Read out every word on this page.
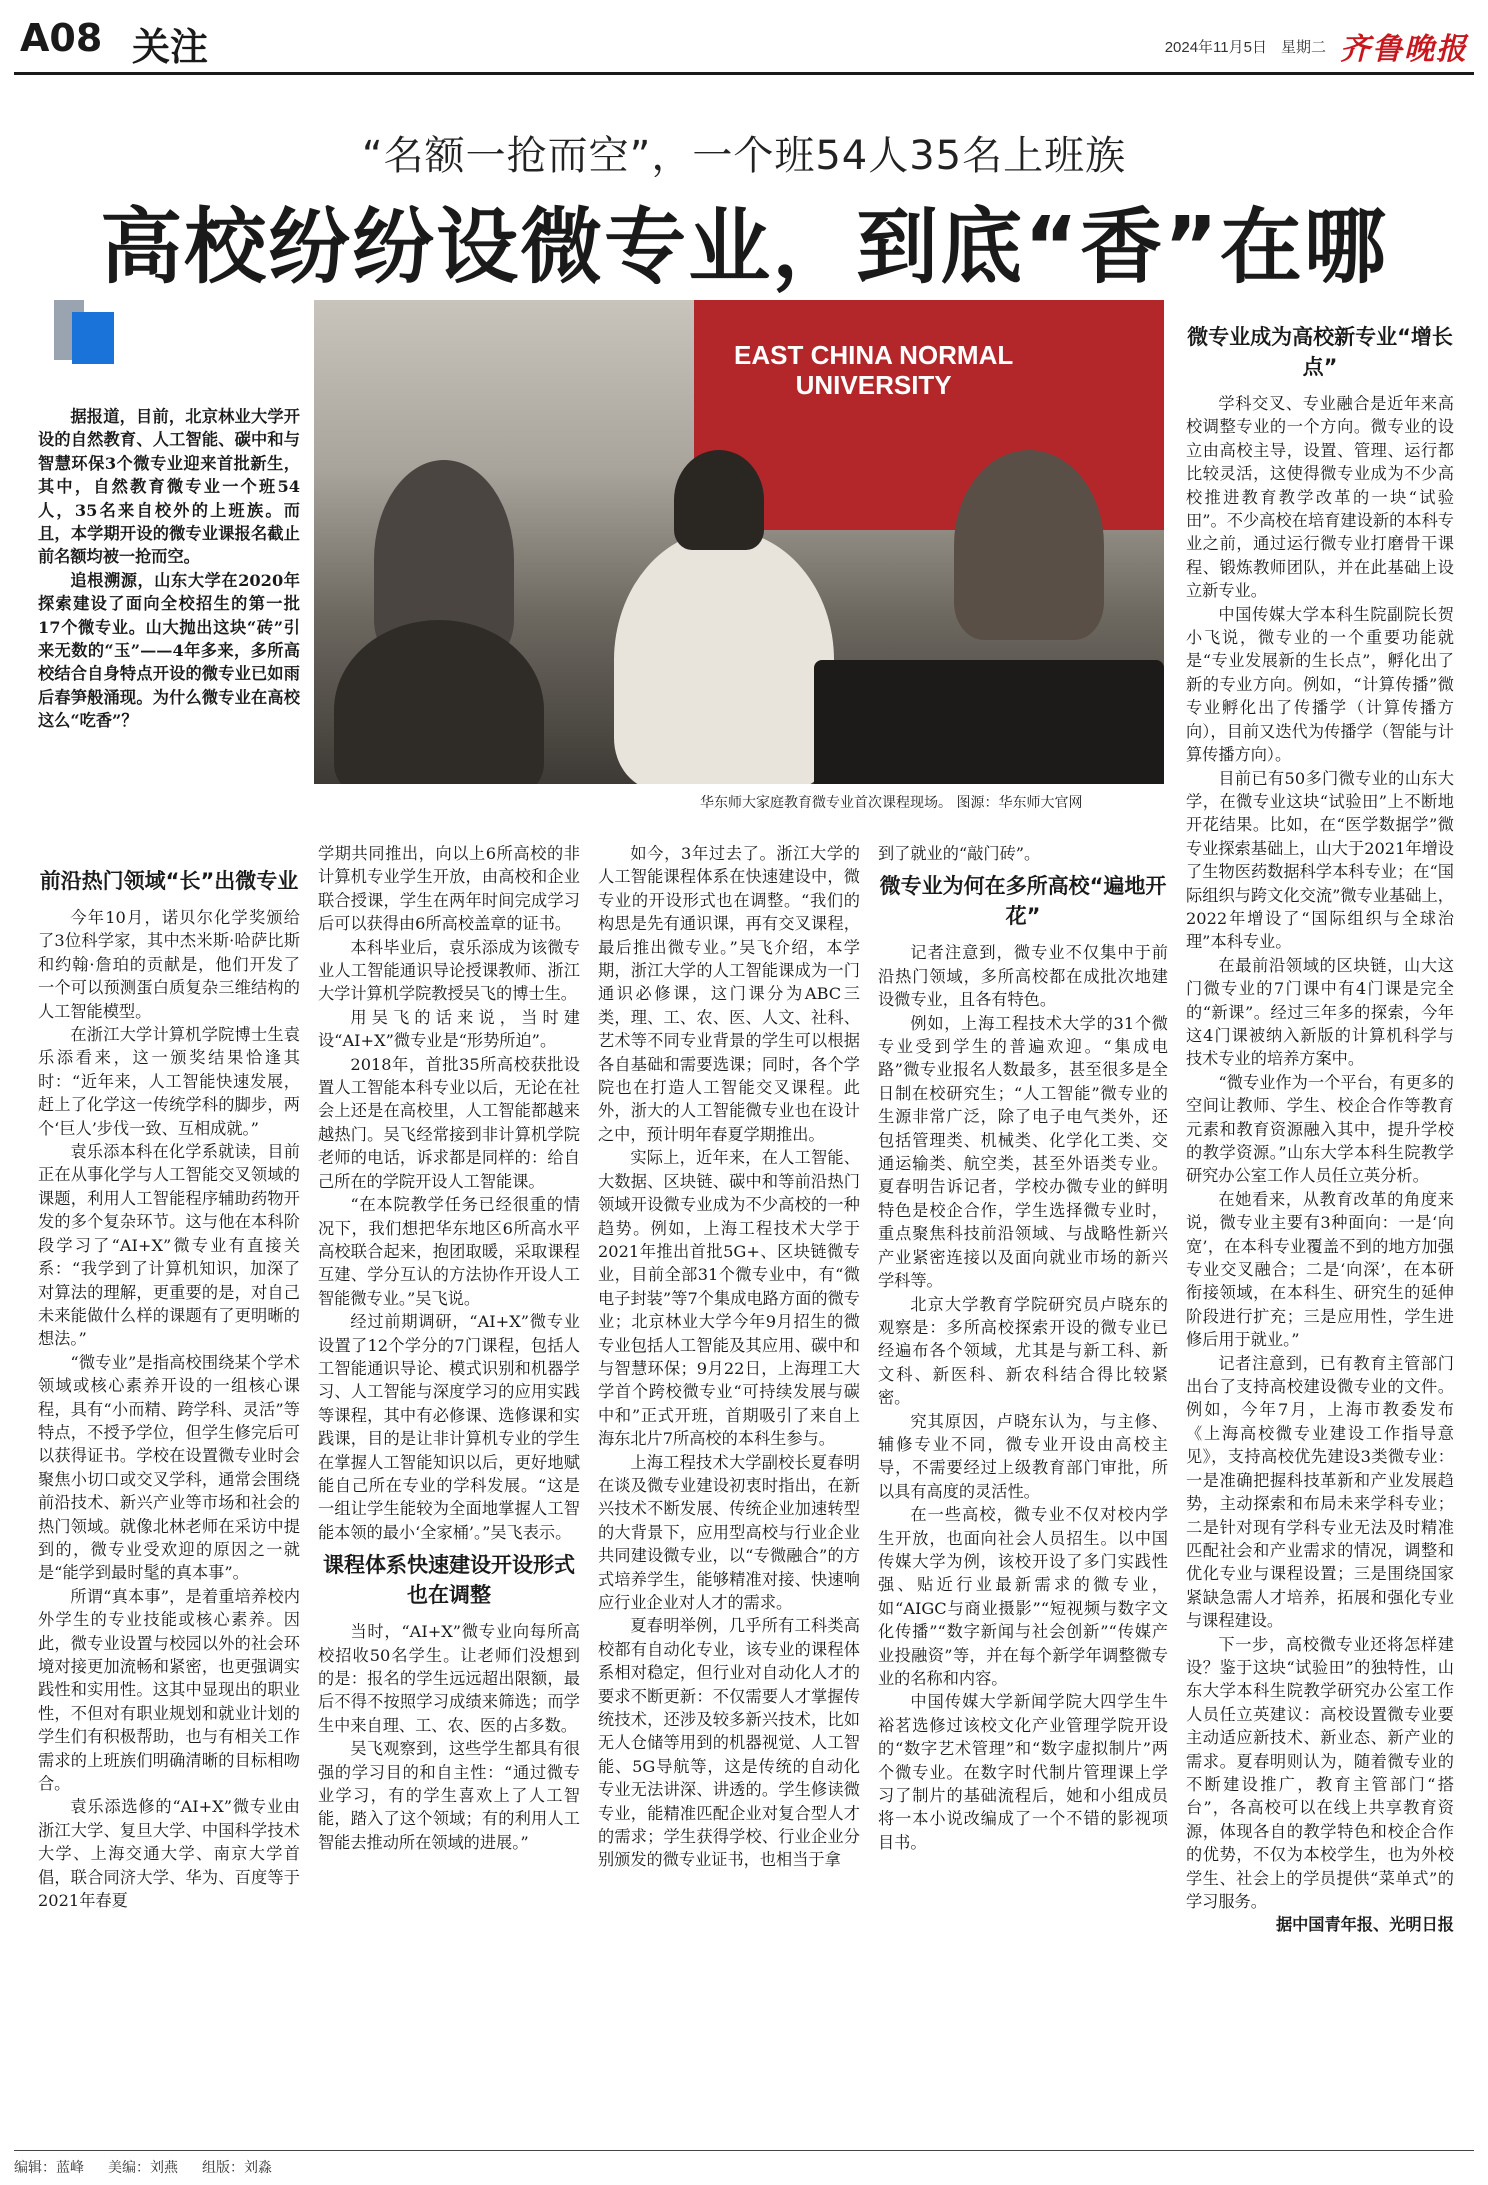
A08 关注	2024年11月5日 星期二 齐鲁晚报
“名额一抢而空”，一个班54人35名上班族
高校纷纷设微专业，到底“香”在哪

据报道，目前，北京林业大学开设的自然教育、人工智能、碳中和与智慧环保3个微专业迎来首批新生，其中，自然教育微专业一个班54人，35名来自校外的上班族。而且，本学期开设的微专业课报名截止前名额均被一抢而空。

追根溯源，山东大学在2020年探索建设了面向全校招生的第一批17个微专业。山大抛出这块“砖”引来无数的“玉”——4年多来，多所高校结合自身特点开设的微专业已如雨后春笋般涌现。为什么微专业在高校这么“吃香”？

EAST CHINA NORMAL
UNIVERSITY
华东师大家庭教育微专业首次课程现场。 图源：华东师大官网
微专业成为高校新专业“增长点”

学科交叉、专业融合是近年来高校调整专业的一个方向。微专业的设立由高校主导，设置、管理、运行都比较灵活，这使得微专业成为不少高校推进教育教学改革的一块“试验田”。不少高校在培育建设新的本科专业之前，通过运行微专业打磨骨干课程、锻炼教师团队，并在此基础上设立新专业。

中国传媒大学本科生院副院长贺小飞说，微专业的一个重要功能就是“专业发展新的生长点”，孵化出了新的专业方向。例如，“计算传播”微专业孵化出了传播学（计算传播方向），目前又迭代为传播学（智能与计算传播方向）。

目前已有50多门微专业的山东大学，在微专业这块“试验田”上不断地开花结果。比如，在“医学数据学”微专业探索基础上，山大于2021年增设了生物医药数据科学本科专业；在“国际组织与跨文化交流”微专业基础上，2022年增设了“国际组织与全球治理”本科专业。

在最前沿领域的区块链，山大这门微专业的7门课中有4门课是完全的“新课”。经过三年多的探索，今年这4门课被纳入新版的计算机科学与技术专业的培养方案中。

“微专业作为一个平台，有更多的空间让教师、学生、校企合作等教育元素和教育资源融入其中，提升学校的教学资源。”山东大学本科生院教学研究办公室工作人员任立英分析。

在她看来，从教育改革的角度来说，微专业主要有3种面向：一是‘向宽’，在本科专业覆盖不到的地方加强专业交叉融合；二是‘向深’，在本研衔接领域，在本科生、研究生的延伸阶段进行扩充；三是应用性，学生进修后用于就业。”

记者注意到，已有教育主管部门出台了支持高校建设微专业的文件。例如，今年7月，上海市教委发布《上海高校微专业建设工作指导意见》，支持高校优先建设3类微专业：一是准确把握科技革新和产业发展趋势，主动探索和布局未来学科专业；二是针对现有学科专业无法及时精准匹配社会和产业需求的情况，调整和优化专业与课程设置；三是围绕国家紧缺急需人才培养，拓展和强化专业与课程建设。

下一步，高校微专业还将怎样建设？鉴于这块“试验田”的独特性，山东大学本科生院教学研究办公室工作人员任立英建议：高校设置微专业要主动适应新技术、新业态、新产业的需求。夏春明则认为，随着微专业的不断建设推广，教育主管部门“搭台”，各高校可以在线上共享教育资源，体现各自的教学特色和校企合作的优势，不仅为本校学生，也为外校学生、社会上的学员提供“菜单式”的学习服务。

据中国青年报、光明日报

前沿热门领域“长”出微专业

今年10月，诺贝尔化学奖颁给了3位科学家，其中杰米斯·哈萨比斯和约翰·詹珀的贡献是，他们开发了一个可以预测蛋白质复杂三维结构的人工智能模型。

在浙江大学计算机学院博士生袁乐添看来，这一颁奖结果恰逢其时：“近年来，人工智能快速发展，赶上了化学这一传统学科的脚步，两个‘巨人’步伐一致、互相成就。”

袁乐添本科在化学系就读，目前正在从事化学与人工智能交叉领域的课题，利用人工智能程序辅助药物开发的多个复杂环节。这与他在本科阶段学习了“AI+X”微专业有直接关系：“我学到了计算机知识，加深了对算法的理解，更重要的是，对自己未来能做什么样的课题有了更明晰的想法。”

“微专业”是指高校围绕某个学术领域或核心素养开设的一组核心课程，具有“小而精、跨学科、灵活”等特点，不授予学位，但学生修完后可以获得证书。学校在设置微专业时会聚焦小切口或交叉学科，通常会围绕前沿技术、新兴产业等市场和社会的热门领域。就像北林老师在采访中提到的，微专业受欢迎的原因之一就是“能学到最时髦的真本事”。

所谓“真本事”，是着重培养校内外学生的专业技能或核心素养。因此，微专业设置与校园以外的社会环境对接更加流畅和紧密，也更强调实践性和实用性。这其中显现出的职业性，不但对有职业规划和就业计划的学生们有积极帮助，也与有相关工作需求的上班族们明确清晰的目标相吻合。

袁乐添选修的“AI+X”微专业由浙江大学、复旦大学、中国科学技术大学、上海交通大学、南京大学首倡，联合同济大学、华为、百度等于2021年春夏

学期共同推出，向以上6所高校的非计算机专业学生开放，由高校和企业联合授课，学生在两年时间完成学习后可以获得由6所高校盖章的证书。

本科毕业后，袁乐添成为该微专业人工智能通识导论授课教师、浙江大学计算机学院教授吴飞的博士生。

用吴飞的话来说，当时建设“AI+X”微专业是“形势所迫”。

2018年，首批35所高校获批设置人工智能本科专业以后，无论在社会上还是在高校里，人工智能都越来越热门。吴飞经常接到非计算机学院老师的电话，诉求都是同样的：给自己所在的学院开设人工智能课。

“在本院教学任务已经很重的情况下，我们想把华东地区6所高水平高校联合起来，抱团取暖，采取课程互建、学分互认的方法协作开设人工智能微专业。”吴飞说。

经过前期调研，“AI+X”微专业设置了12个学分的7门课程，包括人工智能通识导论、模式识别和机器学习、人工智能与深度学习的应用实践等课程，其中有必修课、选修课和实践课，目的是让非计算机专业的学生在掌握人工智能知识以后，更好地赋能自己所在专业的学科发展。“这是一组让学生能较为全面地掌握人工智能本领的最小‘全家桶’。”吴飞表示。

课程体系快速建设开设形式也在调整

当时，“AI+X”微专业向每所高校招收50名学生。让老师们没想到的是：报名的学生远远超出限额，最后不得不按照学习成绩来筛选；而学生中来自理、工、农、医的占多数。

吴飞观察到，这些学生都具有很强的学习目的和自主性：“通过微专业学习，有的学生喜欢上了人工智能，踏入了这个领域；有的利用人工智能去推动所在领域的进展。”

如今，3年过去了。浙江大学的人工智能课程体系在快速建设中，微专业的开设形式也在调整。“我们的构思是先有通识课，再有交叉课程，最后推出微专业。”吴飞介绍，本学期，浙江大学的人工智能课成为一门通识必修课，这门课分为ABC三类，理、工、农、医、人文、社科、艺术等不同专业背景的学生可以根据各自基础和需要选课；同时，各个学院也在打造人工智能交叉课程。此外，浙大的人工智能微专业也在设计之中，预计明年春夏学期推出。

实际上，近年来，在人工智能、大数据、区块链、碳中和等前沿热门领域开设微专业成为不少高校的一种趋势。例如，上海工程技术大学于2021年推出首批5G+、区块链微专业，目前全部31个微专业中，有“微电子封装”等7个集成电路方面的微专业；北京林业大学今年9月招生的微专业包括人工智能及其应用、碳中和与智慧环保；9月22日，上海理工大学首个跨校微专业“可持续发展与碳中和”正式开班，首期吸引了来自上海东北片7所高校的本科生参与。

上海工程技术大学副校长夏春明在谈及微专业建设初衷时指出，在新兴技术不断发展、传统企业加速转型的大背景下，应用型高校与行业企业共同建设微专业，以“专微融合”的方式培养学生，能够精准对接、快速响应行业企业对人才的需求。

夏春明举例，几乎所有工科类高校都有自动化专业，该专业的课程体系相对稳定，但行业对自动化人才的要求不断更新：不仅需要人才掌握传统技术，还涉及较多新兴技术，比如无人仓储等用到的机器视觉、人工智能、5G导航等，这是传统的自动化专业无法讲深、讲透的。学生修读微专业，能精准匹配企业对复合型人才的需求；学生获得学校、行业企业分别颁发的微专业证书，也相当于拿

到了就业的“敲门砖”。

微专业为何在多所高校“遍地开花”

记者注意到，微专业不仅集中于前沿热门领域，多所高校都在成批次地建设微专业，且各有特色。

例如，上海工程技术大学的31个微专业受到学生的普遍欢迎。“集成电路”微专业报名人数最多，甚至很多是全日制在校研究生；“人工智能”微专业的生源非常广泛，除了电子电气类外，还包括管理类、机械类、化学化工类、交通运输类、航空类，甚至外语类专业。夏春明告诉记者，学校办微专业的鲜明特色是校企合作，学生选择微专业时，重点聚焦科技前沿领域、与战略性新兴产业紧密连接以及面向就业市场的新兴学科等。

北京大学教育学院研究员卢晓东的观察是：多所高校探索开设的微专业已经遍布各个领域，尤其是与新工科、新文科、新医科、新农科结合得比较紧密。

究其原因，卢晓东认为，与主修、辅修专业不同，微专业开设由高校主导，不需要经过上级教育部门审批，所以具有高度的灵活性。

在一些高校，微专业不仅对校内学生开放，也面向社会人员招生。以中国传媒大学为例，该校开设了多门实践性强、贴近行业最新需求的微专业，如“AIGC与商业摄影”“短视频与数字文化传播”“数字新闻与社会创新”“传媒产业投融资”等，并在每个新学年调整微专业的名称和内容。

中国传媒大学新闻学院大四学生牛裕茗选修过该校文化产业管理学院开设的“数字艺术管理”和“数字虚拟制片”两个微专业。在数字时代制片管理课上学习了制片的基础流程后，她和小组成员将一本小说改编成了一个不错的影视项目书。

编辑：蓝峰 美编：刘燕 组版：刘淼
